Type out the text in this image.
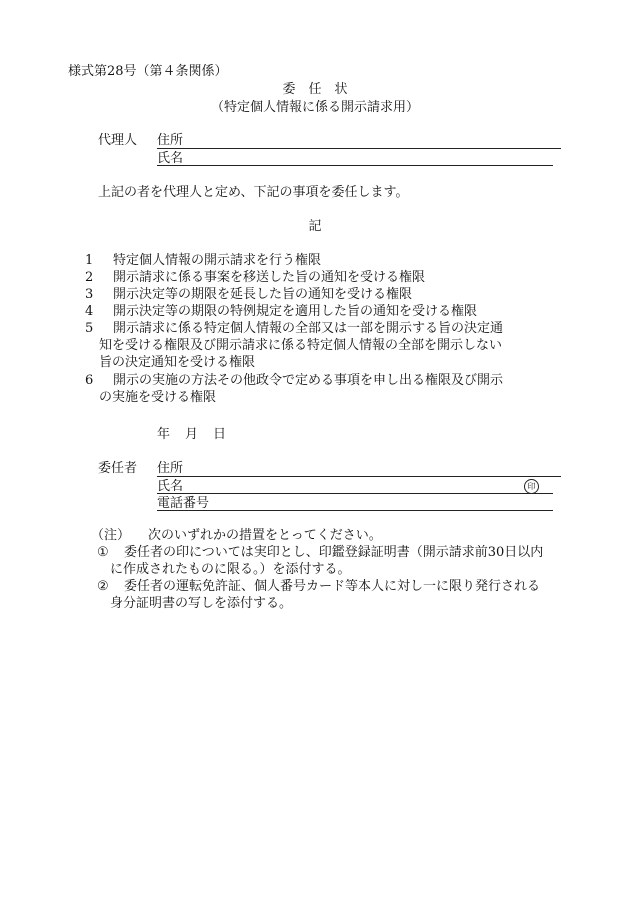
様式第28号（第４条関係）
委　任　状
（特定個人情報に係る開示請求用）
代理人 住所
氏名
上記の者を代理人と定め、下記の事項を委任します。
記
1 特定個人情報の開示請求を行う権限
2 開示請求に係る事案を移送した旨の通知を受ける権限
3 開示決定等の期限を延長した旨の通知を受ける権限
4 開示決定等の期限の特例規定を適用した旨の通知を受ける権限
5 開示請求に係る特定個人情報の全部又は一部を開示する旨の決定通
知を受ける権限及び開示請求に係る特定個人情報の全部を開示しない
旨の決定通知を受ける権限
6 開示の実施の方法その他政令で定める事項を申し出る権限及び開示
の実施を受ける権限
年 月 日
委任者 住所
氏名	印
電話番号
（注） 次のいずれかの措置をとってください。
① 委任者の印については実印とし、印鑑登録証明書（開示請求前30日以内
に作成されたものに限る。）を添付する。
② 委任者の運転免許証、個人番号カード等本人に対し一に限り発行される
身分証明書の写しを添付する。
